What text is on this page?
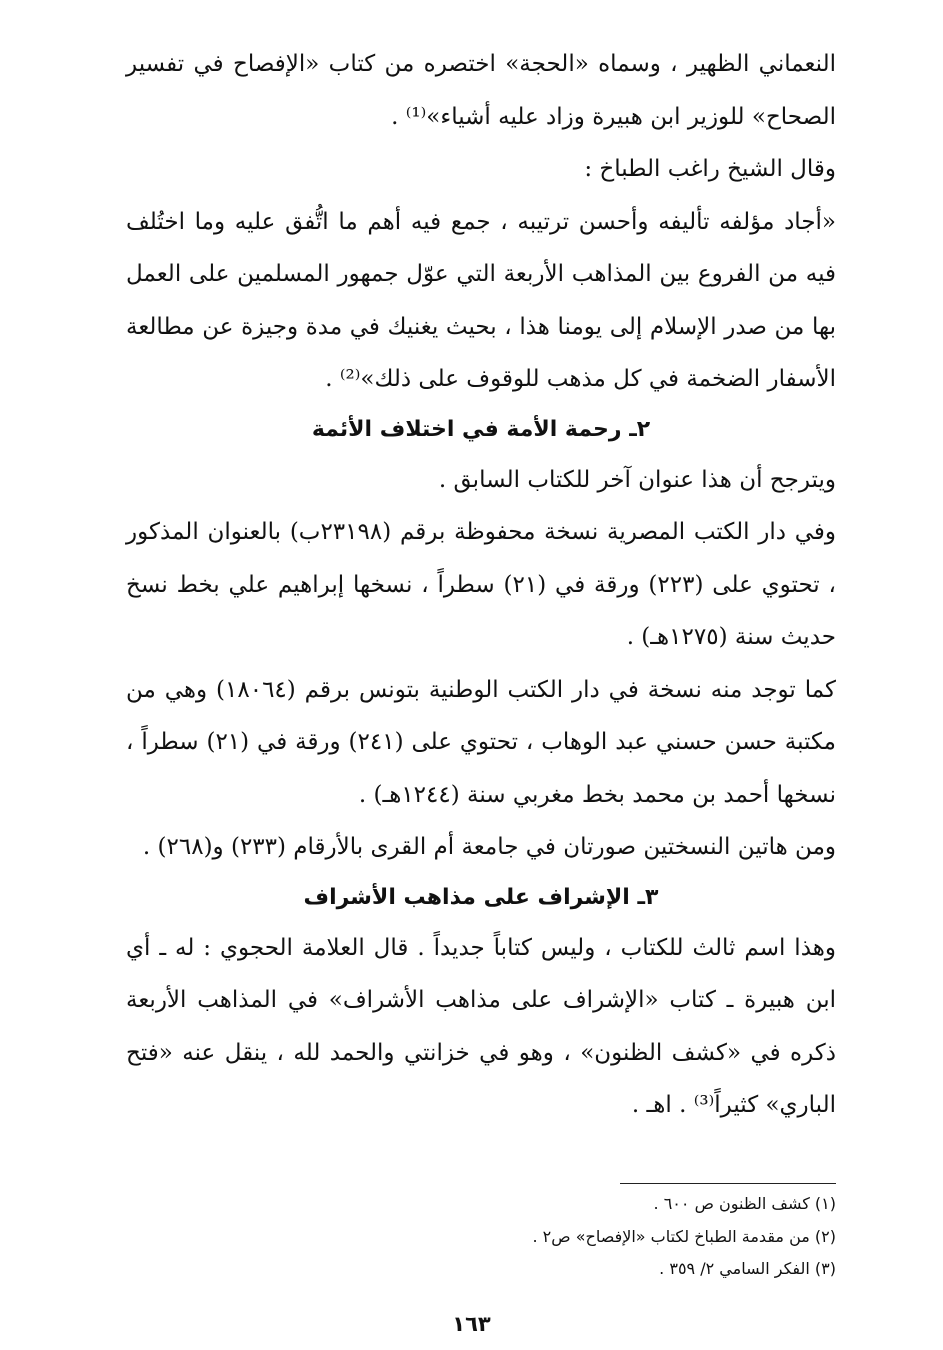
النعماني الظهير ، وسماه «الحجة» اختصره من كتاب «الإفصاح في تفسير الصحاح» للوزير ابن هبيرة وزاد عليه أشياء»⁽¹⁾ .

وقال الشيخ راغب الطباخ :

«أجاد مؤلفه تأليفه وأحسن ترتيبه ، جمع فيه أهم ما اتُّفق عليه وما اختُلف فيه من الفروع بين المذاهب الأربعة التي عوّل جمهور المسلمين على العمل بها من صدر الإسلام إلى يومنا هذا ، بحيث يغنيك في مدة وجيزة عن مطالعة الأسفار الضخمة في كل مذهب للوقوف على ذلك»⁽²⁾ .

٢ـ رحمة الأمة في اختلاف الأئمة

ويترجح أن هذا عنوان آخر للكتاب السابق .

وفي دار الكتب المصرية نسخة محفوظة برقم (٢٣١٩٨ب) بالعنوان المذكور ، تحتوي على (٢٢٣) ورقة في (٢١) سطراً ، نسخها إبراهيم علي بخط نسخ حديث سنة (١٢٧٥هـ) .

كما توجد منه نسخة في دار الكتب الوطنية بتونس برقم (١٨٠٦٤) وهي من مكتبة حسن حسني عبد الوهاب ، تحتوي على (٢٤١) ورقة في (٢١) سطراً ، نسخها أحمد بن محمد بخط مغربي سنة (١٢٤٤هـ) .

ومن هاتين النسختين صورتان في جامعة أم القرى بالأرقام (٢٣٣) و(٢٦٨) .

٣ـ الإشراف على مذاهب الأشراف

وهذا اسم ثالث للكتاب ، وليس كتاباً جديداً . قال العلامة الحجوي : له ـ أي ابن هبيرة ـ كتاب «الإشراف على مذاهب الأشراف» في المذاهب الأربعة ذكره في «كشف الظنون» ، وهو في خزانتي والحمد لله ، ينقل عنه «فتح الباري» كثيراً⁽³⁾ . اهـ .

(١) كشف الظنون ص ٦٠٠ .

(٢) من مقدمة الطباخ لكتاب «الإفصاح» ص٢ .

(٣) الفكر السامي ٢/ ٣٥٩ .

١٦٣
